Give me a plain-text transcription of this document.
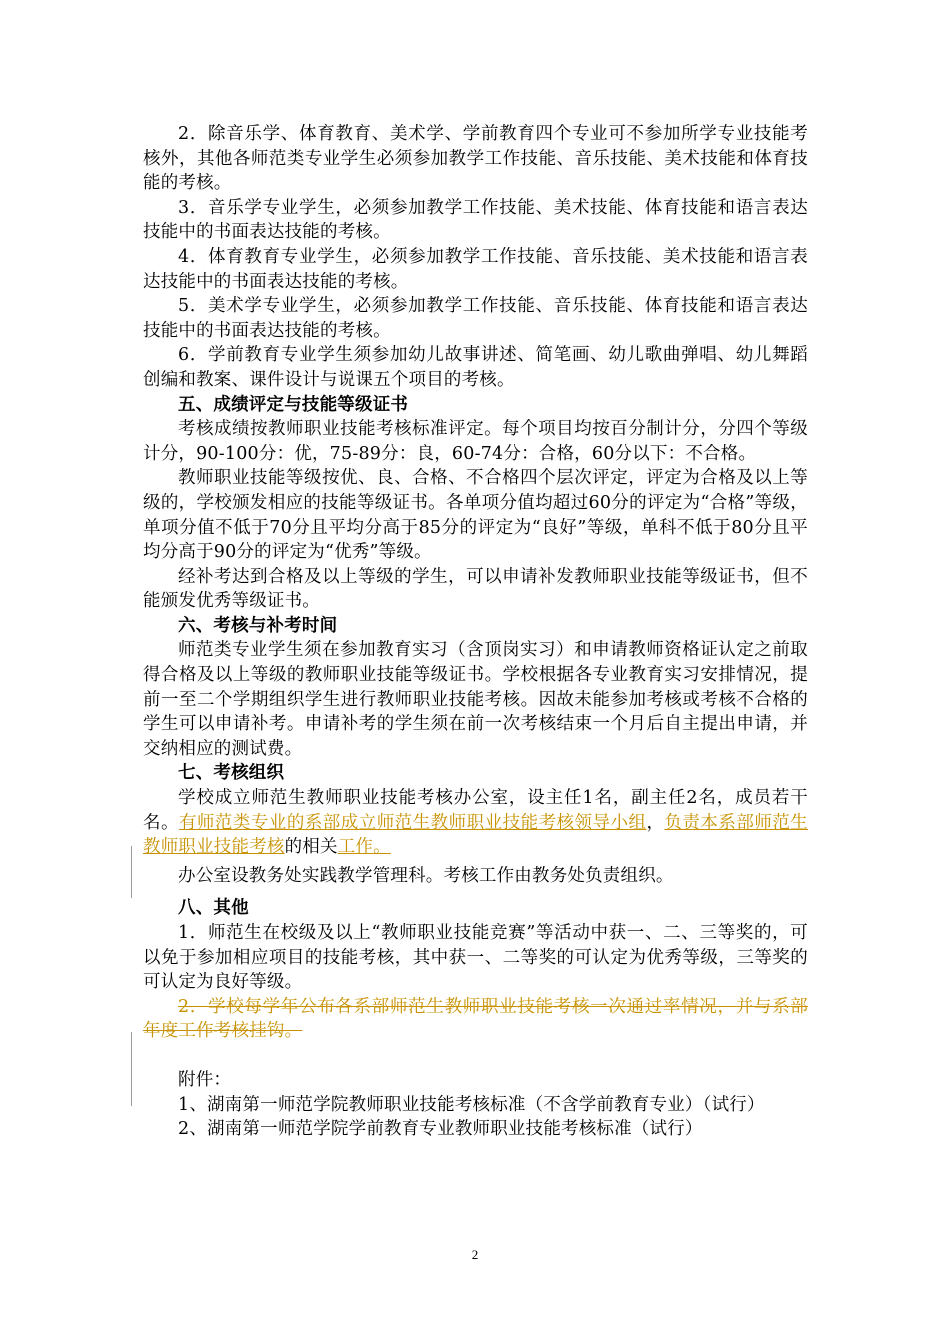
2．除音乐学、体育教育、美术学、学前教育四个专业可不参加所学专业技能考核外，其他各师范类专业学生必须参加教学工作技能、音乐技能、美术技能和体育技能的考核。

3．音乐学专业学生，必须参加教学工作技能、美术技能、体育技能和语言表达技能中的书面表达技能的考核。

4．体育教育专业学生，必须参加教学工作技能、音乐技能、美术技能和语言表达技能中的书面表达技能的考核。

5．美术学专业学生，必须参加教学工作技能、音乐技能、体育技能和语言表达技能中的书面表达技能的考核。

6．学前教育专业学生须参加幼儿故事讲述、简笔画、幼儿歌曲弹唱、幼儿舞蹈创编和教案、课件设计与说课五个项目的考核。

五、成绩评定与技能等级证书

考核成绩按教师职业技能考核标准评定。每个项目均按百分制计分，分四个等级计分，90-100分：优，75-89分：良，60-74分：合格，60分以下：不合格。

教师职业技能等级按优、良、合格、不合格四个层次评定，评定为合格及以上等级的，学校颁发相应的技能等级证书。各单项分值均超过60分的评定为“合格”等级，单项分值不低于70分且平均分高于85分的评定为“良好”等级，单科不低于80分且平均分高于90分的评定为“优秀”等级。

经补考达到合格及以上等级的学生，可以申请补发教师职业技能等级证书，但不能颁发优秀等级证书。

六、考核与补考时间

师范类专业学生须在参加教育实习（含顶岗实习）和申请教师资格证认定之前取得合格及以上等级的教师职业技能等级证书。学校根据各专业教育实习安排情况，提前一至二个学期组织学生进行教师职业技能考核。因故未能参加考核或考核不合格的学生可以申请补考。申请补考的学生须在前一次考核结束一个月后自主提出申请，并交纳相应的测试费。

七、考核组织

学校成立师范生教师职业技能考核办公室，设主任1名，副主任2名，成员若干名。有师范类专业的系部成立师范生教师职业技能考核领导小组，负责本系部师范生教师职业技能考核的相关工作。

办公室设教务处实践教学管理科。考核工作由教务处负责组织。

八、其他

1．师范生在校级及以上“教师职业技能竞赛”等活动中获一、二、三等奖的，可以免于参加相应项目的技能考核，其中获一、二等奖的可认定为优秀等级，三等奖的可认定为良好等级。

2．学校每学年公布各系部师范生教师职业技能考核一次通过率情况，并与系部年度工作考核挂钩。

附件：

1、湖南第一师范学院教师职业技能考核标准（不含学前教育专业）（试行）

2、湖南第一师范学院学前教育专业教师职业技能考核标准（试行）

2
